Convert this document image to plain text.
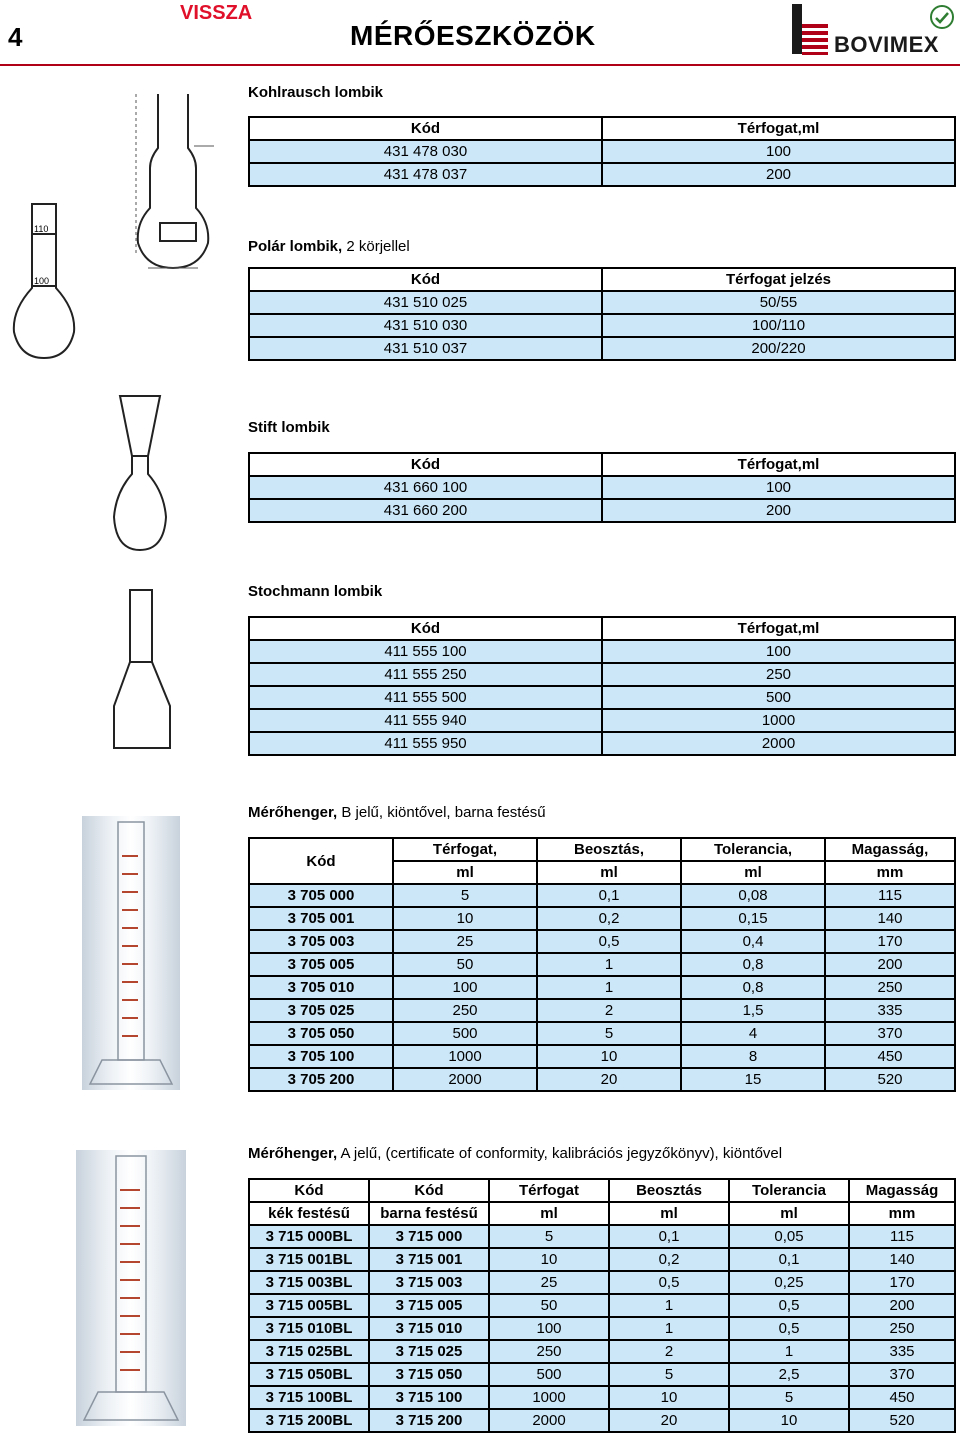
4
VISSZA
MÉRŐESZKÖZÖK	BOVIMEX
110
100
Kohlrausch lombik
Kód	Térfogat,ml
431 478 030	100
431 478 037	200
Polár lombik, 2 körjellel
Kód	Térfogat jelzés
431 510 025	50/55
431 510 030	100/110
431 510 037	200/220
Stift lombik
Kód	Térfogat,ml
431 660 100	100
431 660 200	200
Stochmann lombik
Kód	Térfogat,ml
411 555 100	100
411 555 250	250
411 555 500	500
411 555 940	1000
411 555 950	2000
Mérőhenger, B jelű, kiöntővel, barna festésű
Kód	Térfogat,	Beosztás,	Tolerancia,	Magasság,
	ml	ml	ml	mm
3 705 000	5	0,1	0,08	115
3 705 001	10	0,2	0,15	140
3 705 003	25	0,5	0,4	170
3 705 005	50	1	0,8	200
3 705 010	100	1	0,8	250
3 705 025	250	2	1,5	335
3 705 050	500	5	4	370
3 705 100	1000	10	8	450
3 705 200	2000	20	15	520
Mérőhenger, A jelű, (certificate of conformity, kalibrációs jegyzőkönyv), kiöntővel
Kód	Kód	Térfogat	Beosztás	Tolerancia	Magasság
kék festésű	barna festésű	ml	ml	ml	mm
3 715 000BL	3 715 000	5	0,1	0,05	115
3 715 001BL	3 715 001	10	0,2	0,1	140
3 715 003BL	3 715 003	25	0,5	0,25	170
3 715 005BL	3 715 005	50	1	0,5	200
3 715 010BL	3 715 010	100	1	0,5	250
3 715 025BL	3 715 025	250	2	1	335
3 715 050BL	3 715 050	500	5	2,5	370
3 715 100BL	3 715 100	1000	10	5	450
3 715 200BL	3 715 200	2000	20	10	520
